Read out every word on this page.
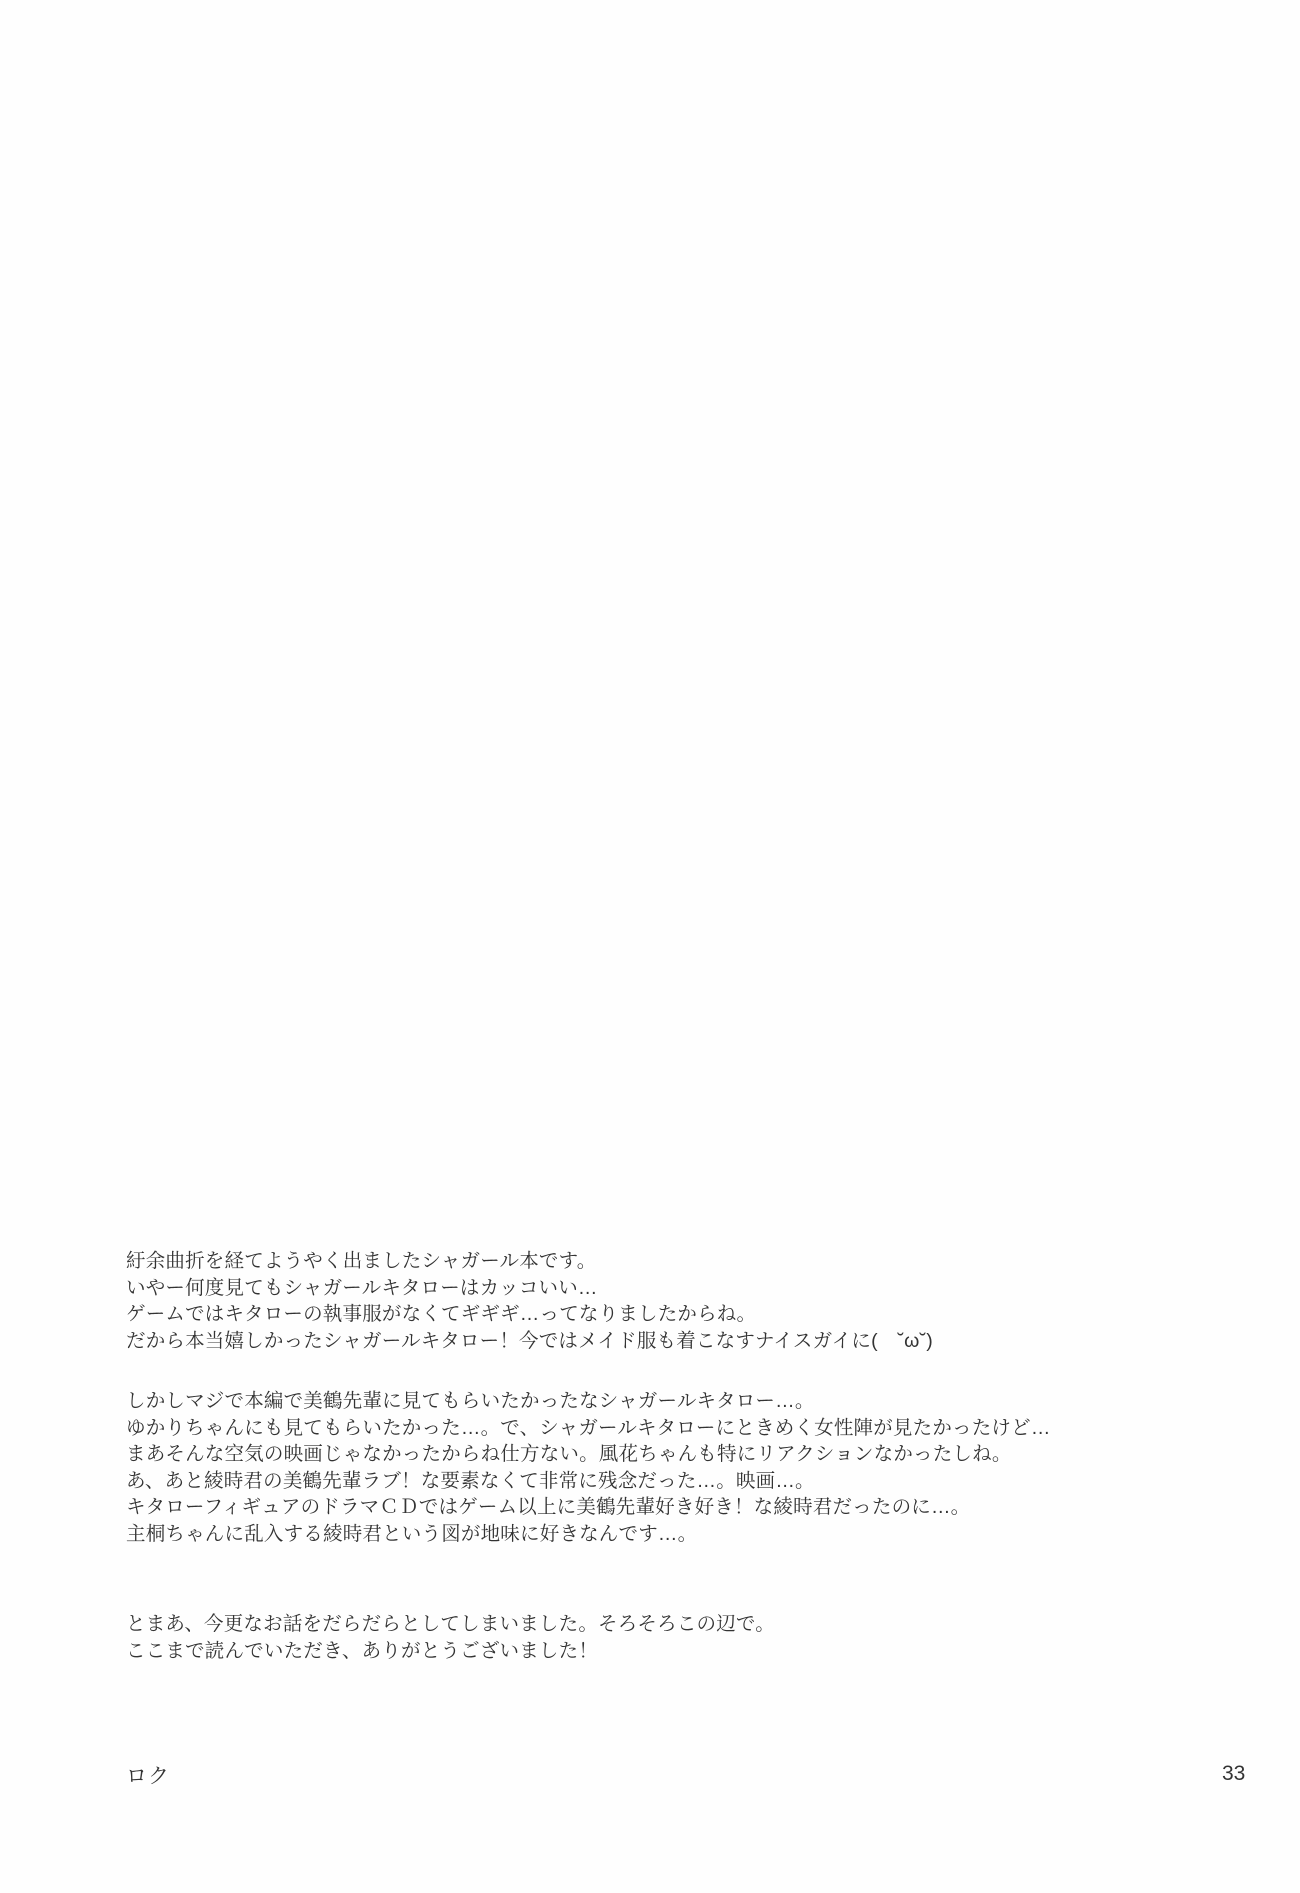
紆余曲折を経てようやく出ましたシャガール本です。
いやー何度見てもシャガールキタローはカッコいい…
ゲームではキタローの執事服がなくてギギギ…ってなりましたからね。
だから本当嬉しかったシャガールキタロー！今ではメイド服も着こなすナイスガイに(　˘ω˘)
しかしマジで本編で美鶴先輩に見てもらいたかったなシャガールキタロー…。
ゆかりちゃんにも見てもらいたかった…。で、シャガールキタローにときめく女性陣が見たかったけど…
まあそんな空気の映画じゃなかったからね仕方ない。風花ちゃんも特にリアクションなかったしね。
あ、あと綾時君の美鶴先輩ラブ！な要素なくて非常に残念だった…。映画…。
キタローフィギュアのドラマＣＤではゲーム以上に美鶴先輩好き好き！な綾時君だったのに…。
主桐ちゃんに乱入する綾時君という図が地味に好きなんです…。
とまあ、今更なお話をだらだらとしてしまいました。そろそろこの辺で。
ここまで読んでいただき、ありがとうございました！
ロク	33
